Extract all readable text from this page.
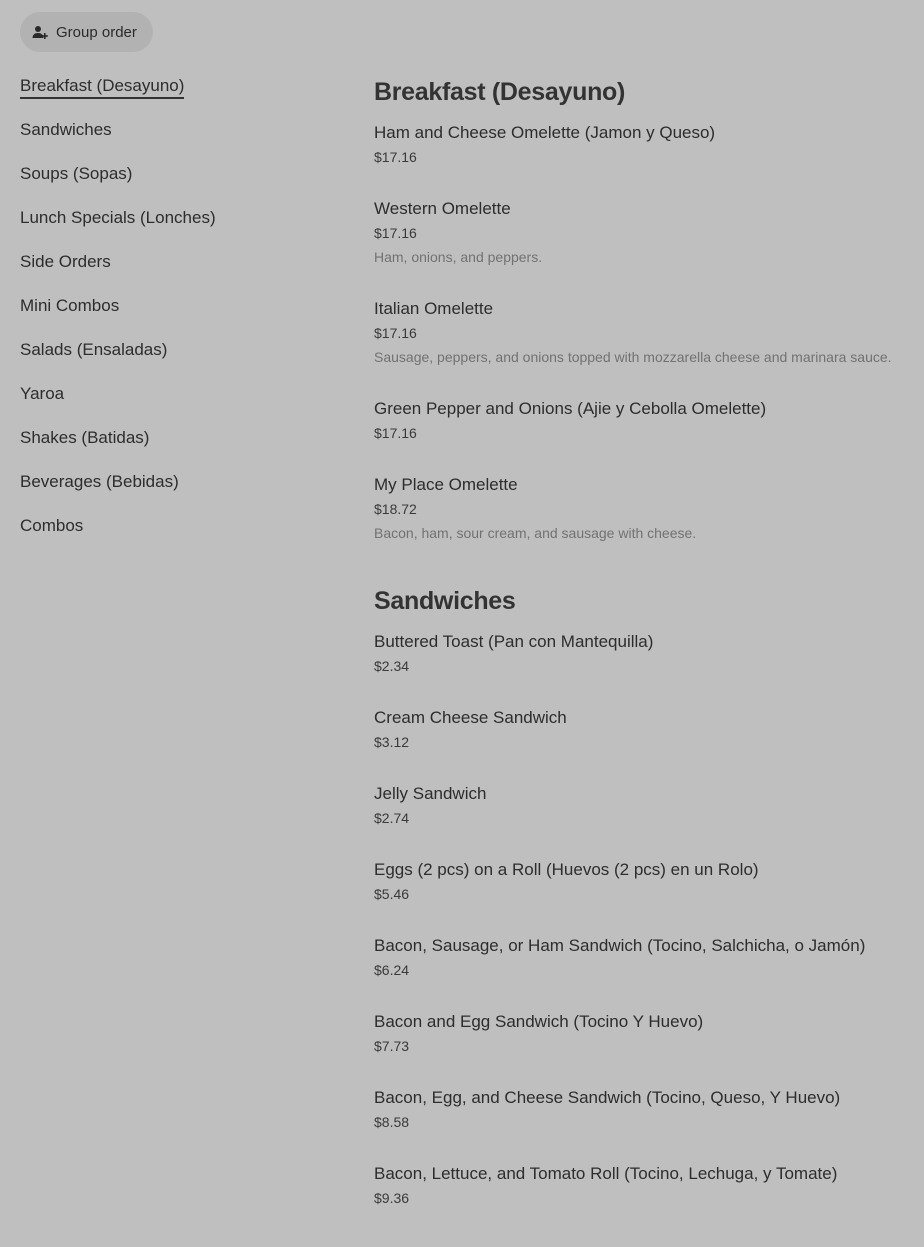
Group order
Breakfast (Desayuno)
Sandwiches
Soups (Sopas)
Lunch Specials (Lonches)
Side Orders
Mini Combos
Salads (Ensaladas)
Yaroa
Shakes (Batidas)
Beverages (Bebidas)
Combos
Breakfast (Desayuno)
Ham and Cheese Omelette (Jamon y Queso)
$17.16
Western Omelette
$17.16
Ham, onions, and peppers.
Italian Omelette
$17.16
Sausage, peppers, and onions topped with mozzarella cheese and marinara sauce.
Green Pepper and Onions (Ajie y Cebolla Omelette)
$17.16
My Place Omelette
$18.72
Bacon, ham, sour cream, and sausage with cheese.
Sandwiches
Buttered Toast (Pan con Mantequilla)
$2.34
Cream Cheese Sandwich
$3.12
Jelly Sandwich
$2.74
Eggs (2 pcs) on a Roll (Huevos (2 pcs) en un Rolo)
$5.46
Bacon, Sausage, or Ham Sandwich (Tocino, Salchicha, o Jamón)
$6.24
Bacon and Egg Sandwich (Tocino Y Huevo)
$7.73
Bacon, Egg, and Cheese Sandwich (Tocino, Queso, Y Huevo)
$8.58
Bacon, Lettuce, and Tomato Roll (Tocino, Lechuga, y Tomate)
$9.36
